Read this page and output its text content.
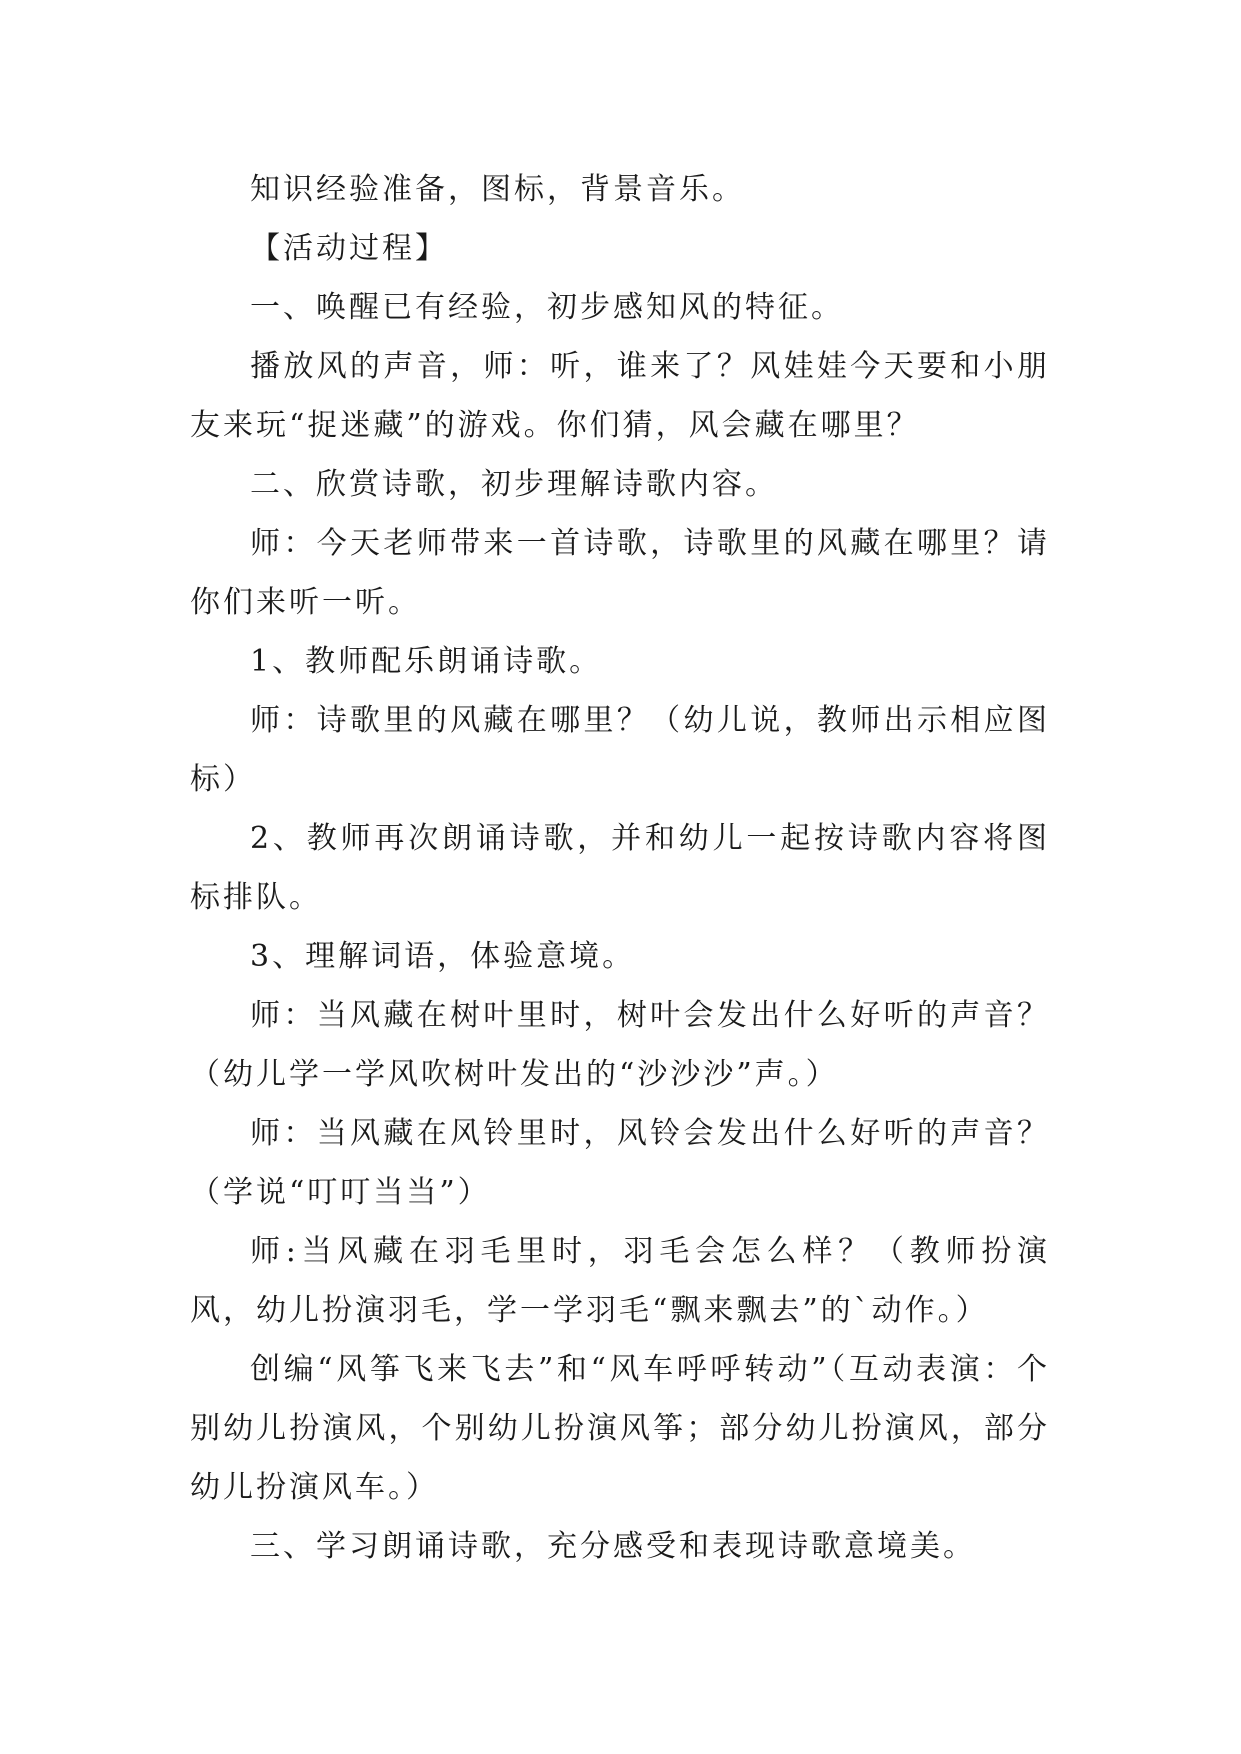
知识经验准备，图标，背景音乐。

【活动过程】

一、唤醒已有经验，初步感知风的特征。

播放风的声音，师：听，谁来了？风娃娃今天要和小朋友来玩“捉迷藏”的游戏。你们猜，风会藏在哪里？

二、欣赏诗歌，初步理解诗歌内容。

师：今天老师带来一首诗歌，诗歌里的风藏在哪里？请你们来听一听。

1、教师配乐朗诵诗歌。

师：诗歌里的风藏在哪里？（幼儿说，教师出示相应图标）

2、教师再次朗诵诗歌，并和幼儿一起按诗歌内容将图标排队。

3、理解词语，体验意境。

师：当风藏在树叶里时，树叶会发出什么好听的声音？（幼儿学一学风吹树叶发出的“沙沙沙”声。）

师：当风藏在风铃里时，风铃会发出什么好听的声音？（学说“叮叮当当”）

师:当风藏在羽毛里时，羽毛会怎么样？（教师扮演风，幼儿扮演羽毛，学一学羽毛“飘来飘去”的`动作。）

创编“风筝飞来飞去”和“风车呼呼转动”（互动表演：个别幼儿扮演风，个别幼儿扮演风筝；部分幼儿扮演风，部分幼儿扮演风车。）

三、学习朗诵诗歌，充分感受和表现诗歌意境美。
